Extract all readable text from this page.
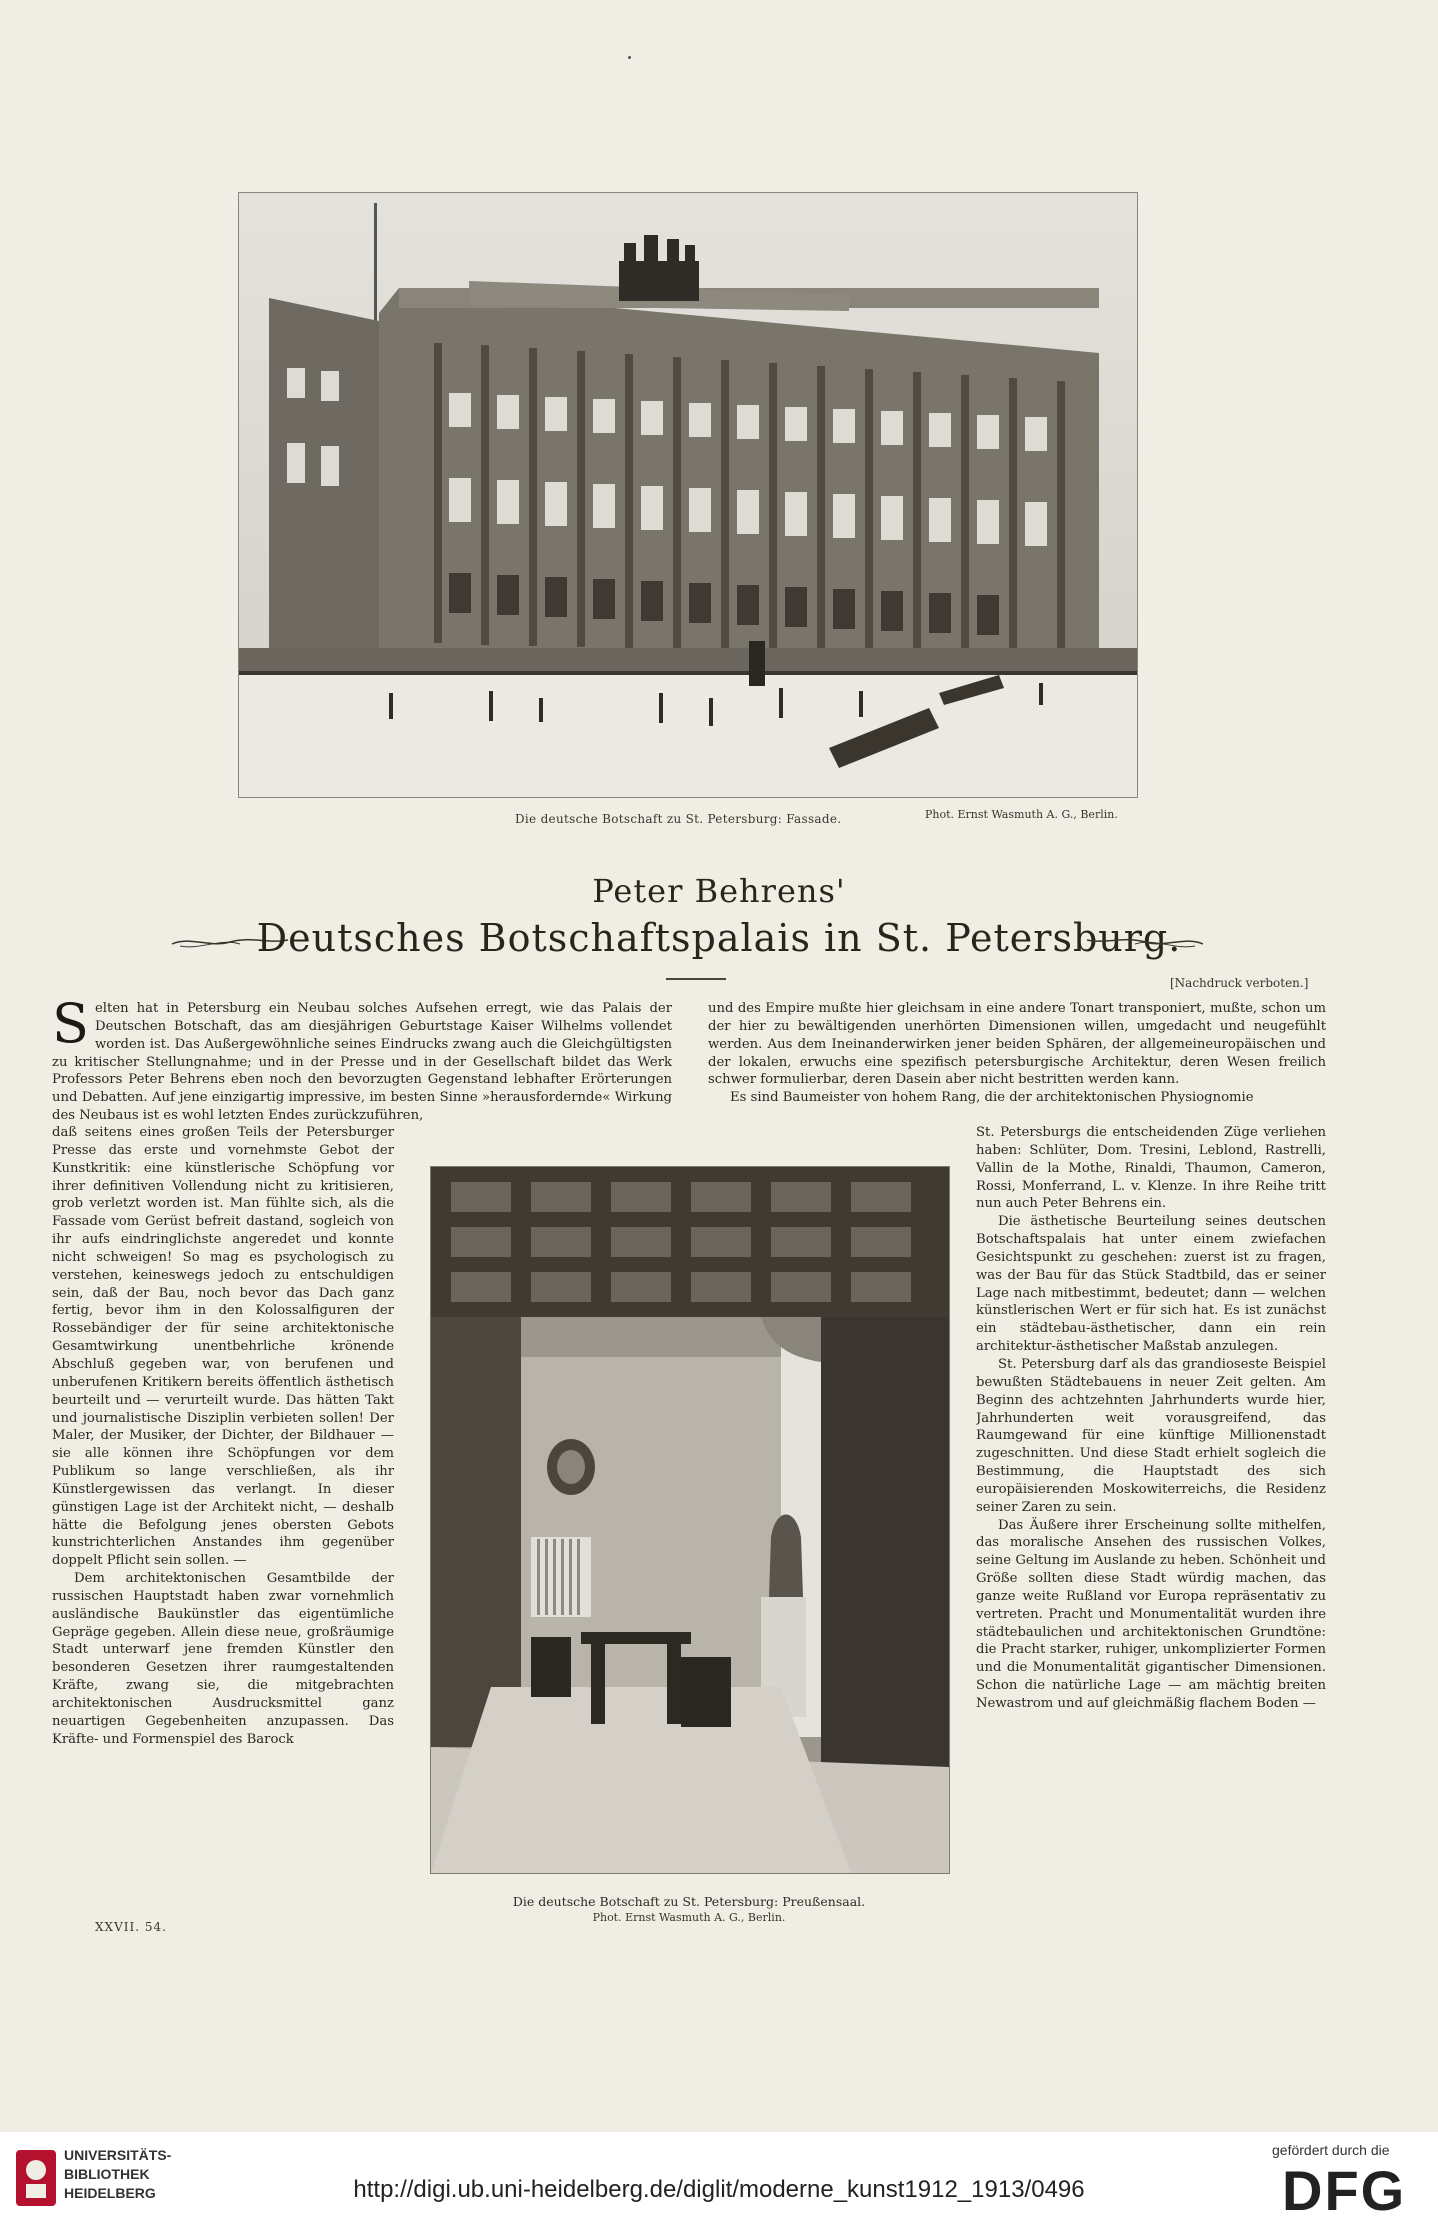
Die deutsche Botschaft zu St. Petersburg: Fassade.	Phot. Ernst Wasmuth A. G., Berlin.
Peter Behrens'
Deutsches Botschaftspalais in St. Petersburg.
[Nachdruck verboten.]

Selten hat in Petersburg ein Neubau solches Aufsehen erregt, wie das Palais der Deutschen Botschaft, das am diesjährigen Geburtstage Kaiser Wilhelms vollendet worden ist. Das Außergewöhnliche seines Eindrucks zwang auch die Gleichgültigsten zu kritischer Stellungnahme; und in der Presse und in der Gesellschaft bildet das Werk Professors Peter Behrens eben noch den bevorzugten Gegenstand lebhafter Erörterungen und Debatten. Auf jene einzigartig impressive, im besten Sinne »herausfordernde« Wirkung des Neubaus ist es wohl letzten Endes zurückzuführen,

daß seitens eines großen Teils der Petersburger Presse das erste und vornehmste Gebot der Kunstkritik: eine künstlerische Schöpfung vor ihrer definitiven Vollendung nicht zu kritisieren, grob verletzt worden ist. Man fühlte sich, als die Fassade vom Gerüst befreit dastand, sogleich von ihr aufs eindringlichste angeredet und konnte nicht schweigen! So mag es psychologisch zu verstehen, keineswegs jedoch zu entschuldigen sein, daß der Bau, noch bevor das Dach ganz fertig, bevor ihm in den Kolossalfiguren der Rossebändiger der für seine architektonische Gesamtwirkung unentbehrliche krönende Abschluß gegeben war, von berufenen und unberufenen Kritikern bereits öffentlich ästhetisch beurteilt und — verurteilt wurde. Das hätten Takt und journalistische Disziplin verbieten sollen! Der Maler, der Musiker, der Dichter, der Bildhauer — sie alle können ihre Schöpfungen vor dem Publikum so lange verschließen, als ihr Künstlergewissen das verlangt. In dieser günstigen Lage ist der Architekt nicht, — deshalb hätte die Befolgung jenes obersten Gebots kunstrichterlichen Anstandes ihm gegenüber doppelt Pflicht sein sollen. —

Dem architektonischen Gesamtbilde der russischen Hauptstadt haben zwar vornehmlich ausländische Baukünstler das eigentümliche Gepräge gegeben. Allein diese neue, großräumige Stadt unterwarf jene fremden Künstler den besonderen Gesetzen ihrer raumgestaltenden Kräfte, zwang sie, die mitgebrachten architektonischen Ausdrucksmittel ganz neuartigen Gegebenheiten anzupassen. Das Kräfte- und Formenspiel des Barock

und des Empire mußte hier gleichsam in eine andere Tonart transponiert, mußte, schon um der hier zu bewältigenden unerhörten Dimensionen willen, umgedacht und neugefühlt werden. Aus dem Ineinanderwirken jener beiden Sphären, der allgemeineuropäischen und der lokalen, erwuchs eine spezifisch petersburgische Architektur, deren Wesen freilich schwer formulierbar, deren Dasein aber nicht bestritten werden kann.

Es sind Baumeister von hohem Rang, die der architektonischen Physiognomie

St. Petersburgs die entscheidenden Züge verliehen haben: Schlüter, Dom. Tresini, Leblond, Rastrelli, Vallin de la Mothe, Rinaldi, Thaumon, Cameron, Rossi, Monferrand, L. v. Klenze. In ihre Reihe tritt nun auch Peter Behrens ein.

Die ästhetische Beurteilung seines deutschen Botschaftspalais hat unter einem zwiefachen Gesichtspunkt zu geschehen: zuerst ist zu fragen, was der Bau für das Stück Stadtbild, das er seiner Lage nach mitbestimmt, bedeutet; dann — welchen künstlerischen Wert er für sich hat. Es ist zunächst ein städtebau-ästhetischer, dann ein rein architektur-ästhetischer Maßstab anzulegen.

St. Petersburg darf als das grandioseste Beispiel bewußten Städtebauens in neuer Zeit gelten. Am Beginn des achtzehnten Jahrhunderts wurde hier, Jahrhunderten weit vorausgreifend, das Raumgewand für eine künftige Millionenstadt zugeschnitten. Und diese Stadt erhielt sogleich die Bestimmung, die Hauptstadt des sich europäisierenden Moskowiterreichs, die Residenz seiner Zaren zu sein.

Das Äußere ihrer Erscheinung sollte mithelfen, das moralische Ansehen des russischen Volkes, seine Geltung im Auslande zu heben. Schönheit und Größe sollten diese Stadt würdig machen, das ganze weite Rußland vor Europa repräsentativ zu vertreten. Pracht und Monumentalität wurden ihre städtebaulichen und architektonischen Grundtöne: die Pracht starker, ruhiger, unkomplizierter Formen und die Monumentalität gigantischer Dimensionen. Schon die natürliche Lage — am mächtig breiten Newastrom und auf gleichmäßig flachem Boden —

Die deutsche Botschaft zu St. Petersburg: Preußensaal.
Phot. Ernst Wasmuth A. G., Berlin.
XXVII. 54.
UNIVERSITÄTS-
BIBLIOTHEK
HEIDELBERG	http://digi.ub.uni-heidelberg.de/diglit/moderne_kunst1912_1913/0496
gefördert durch die
DFG
